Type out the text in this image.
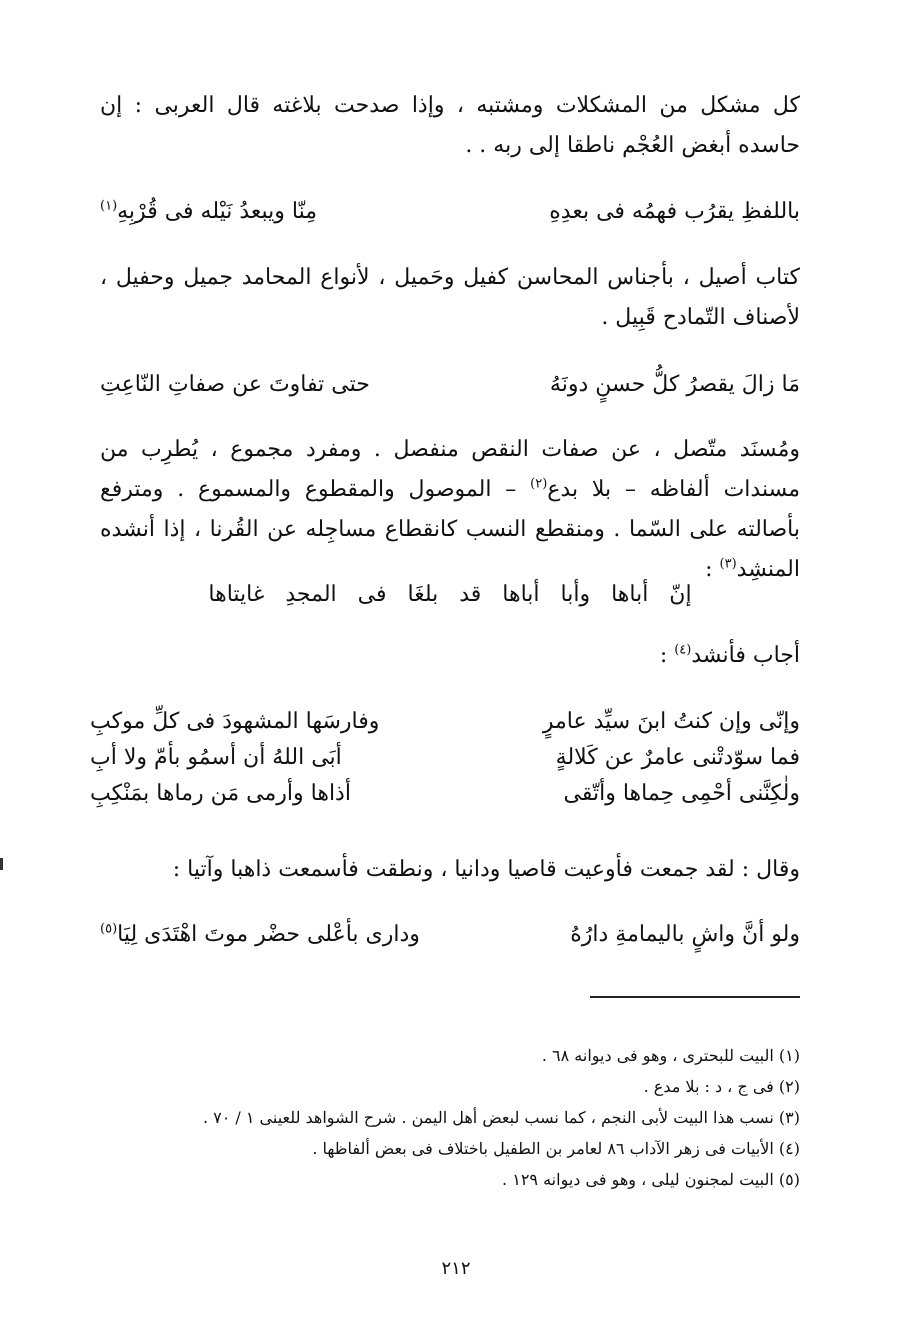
كل مشكل من المشكلات ومشتبه ، وإذا صدحت بلاغته قال العربى : إن حاسده أبغض العُجْم ناطقا إلى ربه . .

باللفظِ يقرُب فهمُه فى بعدِهِ
مِنّا ويبعدُ نَيْله فى قُرْبِهِ$^{(١)}$

كتاب أصيل ، بأجناس المحاسن كفيل وحَميل ، لأنواع المحامد جميل وحفيل ، لأصناف التّمادح قَبِيل .

مَا زالَ يقصرُ كلُّ حسنٍ دونَهُ
حتى تفاوتَ عن صفاتِ النّاعِتِ

ومُسنَد متّصل ، عن صفات النقص منفصل . ومفرد مجموع ، يُطرِب من مسندات ألفاظه – بلا بدع$^{(٢)}$ – الموصول والمقطوع والمسموع . ومترفع بأصالته على السّما . ومنقطع النسب كانقطاع مساجِله عن القُرنا ، إذا أنشده المنشِد$^{(٣)}$ :

إنّ أباها وأبا أباها قد بلغَا فى المجدِ غايتاها
أجاب فأنشد$^{(٤)}$ :
وإنّى وإن كنتُ ابنَ سيِّد عامرٍ
وفارسَها المشهودَ فى كلِّ موكبِ
فما سوّدتْنى عامرٌ عن كَلالةٍ
أبَى اللهُ أن أسمُو بأمّ ولا أبِ
ولٰكِنَّنى أحْمِى حِماها وأتّقى
أذاها وأرمى مَن رماها بمَنْكِبِ
وقال : لقد جمعت فأوعيت قاصيا ودانيا ، ونطقت فأسمعت ذاهبا وآتيا :
ولو أنَّ واشٍ باليمامةِ دارُهُ
ودارى بأعْلى حضْر موتَ اهْتَدَى لِيَا$^{(٥)}$
(١) البيت للبحترى ، وهو فى ديوانه ٦٨ .
(٢) فى ج ، د : بلا مدع .
(٣) نسب هذا البيت لأبى النجم ، كما نسب لبعض أهل اليمن . شرح الشواهد للعينى ١ / ٧٠ .
(٤) الأبيات فى زهر الآداب ٨٦ لعامر بن الطفيل باختلاف فى بعض ألفاظها .
(٥) البيت لمجنون ليلى ، وهو فى ديوانه ١٢٩ .
٢١٢
